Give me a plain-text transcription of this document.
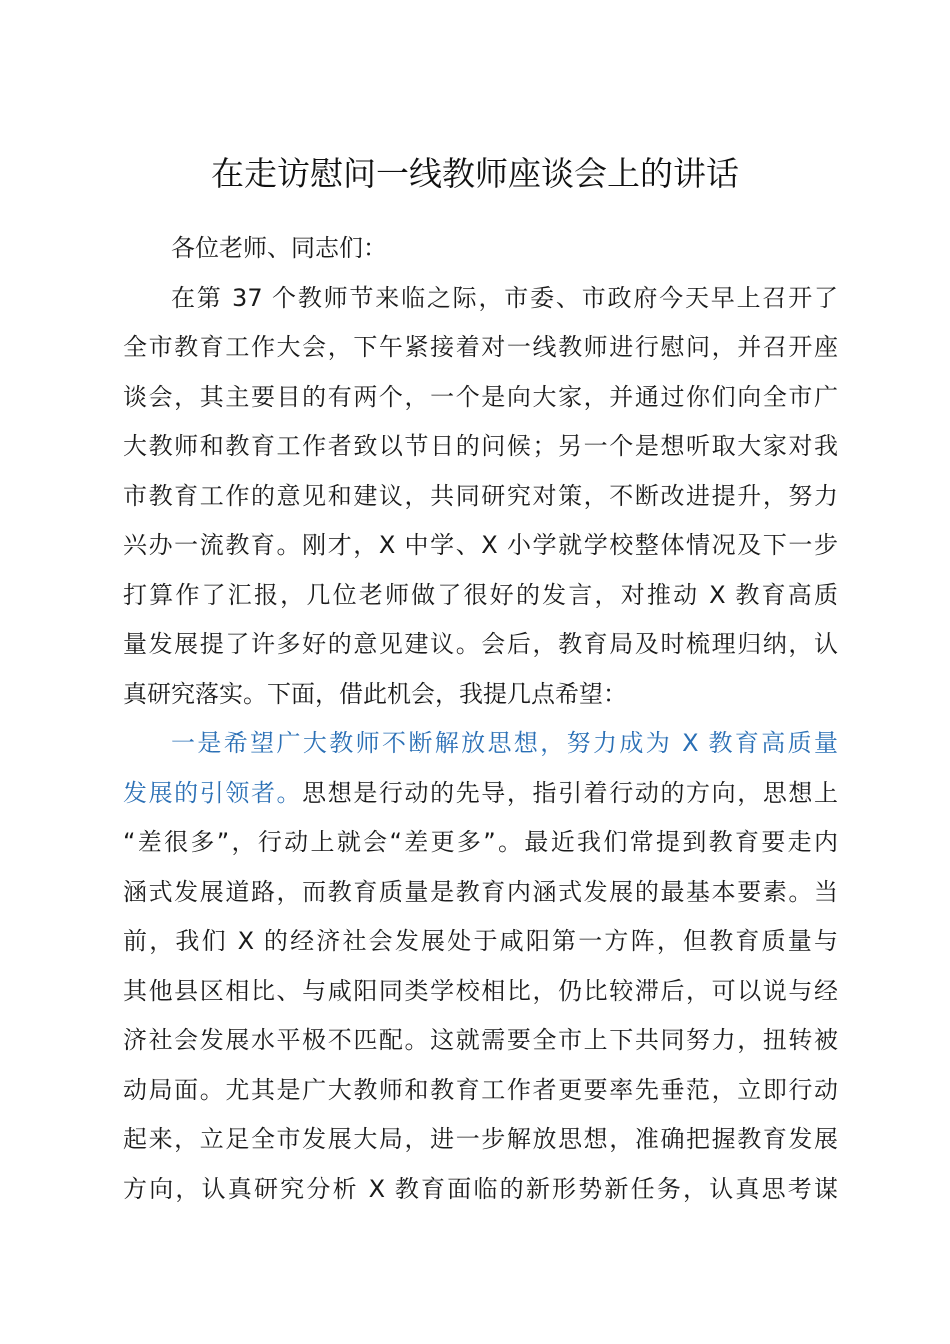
在走访慰问一线教师座谈会上的讲话
各位老师、同志们：
在第 37 个教师节来临之际，市委、市政府今天早上召开了
全市教育工作大会，下午紧接着对一线教师进行慰问，并召开座
谈会，其主要目的有两个，一个是向大家，并通过你们向全市广
大教师和教育工作者致以节日的问候；另一个是想听取大家对我
市教育工作的意见和建议，共同研究对策，不断改进提升，努力
兴办一流教育。刚才，X 中学、X 小学就学校整体情况及下一步
打算作了汇报，几位老师做了很好的发言，对推动 X 教育高质
量发展提了许多好的意见建议。会后，教育局及时梳理归纳，认
真研究落实。下面，借此机会，我提几点希望：
一是希望广大教师不断解放思想，努力成为 X 教育高质量
发展的引领者。思想是行动的先导，指引着行动的方向，思想上
“差很多”，行动上就会“差更多”。最近我们常提到教育要走内
涵式发展道路，而教育质量是教育内涵式发展的最基本要素。当
前，我们 X 的经济社会发展处于咸阳第一方阵，但教育质量与
其他县区相比、与咸阳同类学校相比，仍比较滞后，可以说与经
济社会发展水平极不匹配。这就需要全市上下共同努力，扭转被
动局面。尤其是广大教师和教育工作者更要率先垂范，立即行动
起来，立足全市发展大局，进一步解放思想，准确把握教育发展
方向，认真研究分析 X 教育面临的新形势新任务，认真思考谋
